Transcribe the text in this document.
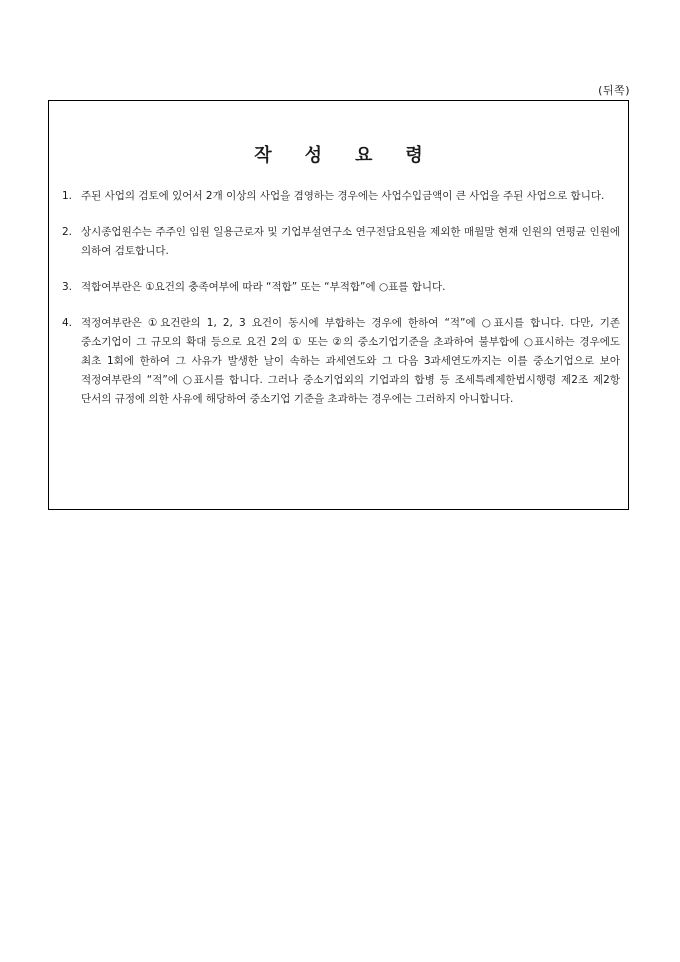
(뒤쪽)
작성요령
1. 주된 사업의 검토에 있어서 2개 이상의 사업을 겸영하는 경우에는 사업수입금액이 큰 사업을 주된 사업으로 합니다.
2. 상시종업원수는 주주인 임원 일용근로자 및 기업부설연구소 연구전담요원을 제외한 매월말 현재 인원의 연평균 인원에 의하여 검토합니다.
3. 적합여부란은 ①요건의 충족여부에 따라 “적합” 또는 “부적합”에 ○표를 합니다.
4. 적정여부란은 ①요건란의 1, 2, 3 요건이 동시에 부합하는 경우에 한하여 “적”에 ○표시를 합니다. 다만, 기존 중소기업이 그 규모의 확대 등으로 요건 2의 ① 또는 ②의 중소기업기준을 초과하여 불부합에 ○표시하는 경우에도 최초 1회에 한하여 그 사유가 발생한 날이 속하는 과세연도와 그 다음 3과세연도까지는 이를 중소기업으로 보아 적정여부란의 “적”에 ○표시를 합니다. 그러나 중소기업외의 기업과의 합병 등 조세특례제한법시행령 제2조 제2항 단서의 규정에 의한 사유에 해당하여 중소기업 기준을 초과하는 경우에는 그러하지 아니합니다.
